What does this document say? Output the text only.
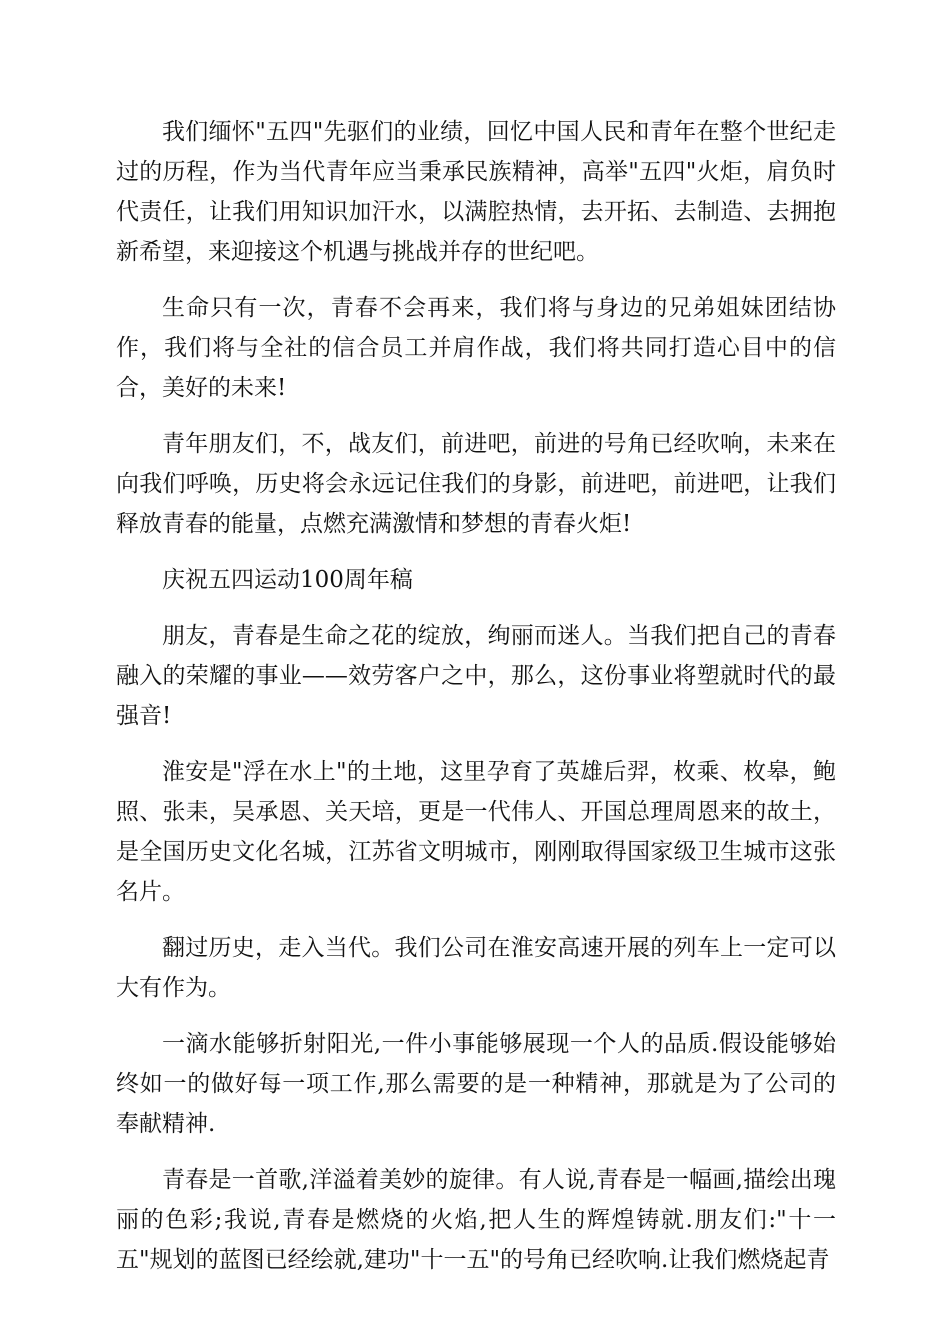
我们缅怀"五四"先驱们的业绩，回忆中国人民和青年在整个世纪走过的历程，作为当代青年应当秉承民族精神，高举"五四"火炬，肩负时代责任，让我们用知识加汗水，以满腔热情，去开拓、去制造、去拥抱新希望，来迎接这个机遇与挑战并存的世纪吧。

生命只有一次，青春不会再来，我们将与身边的兄弟姐妹团结协作，我们将与全社的信合员工并肩作战，我们将共同打造心目中的信合，美好的未来!

青年朋友们，不，战友们，前进吧，前进的号角已经吹响，未来在向我们呼唤，历史将会永远记住我们的身影，前进吧，前进吧，让我们释放青春的能量，点燃充满激情和梦想的青春火炬!

庆祝五四运动100周年稿

朋友，青春是生命之花的绽放，绚丽而迷人。当我们把自己的青春融入的荣耀的事业——效劳客户之中，那么，这份事业将塑就时代的最强音!

淮安是"浮在水上"的土地，这里孕育了英雄后羿，枚乘、枚皋，鲍照、张耒，吴承恩、关天培，更是一代伟人、开国总理周恩来的故土，是全国历史文化名城，江苏省文明城市，刚刚取得国家级卫生城市这张名片。

翻过历史，走入当代。我们公司在淮安高速开展的列车上一定可以大有作为。

一滴水能够折射阳光,一件小事能够展现一个人的品质.假设能够始终如一的做好每一项工作,那么需要的是一种精神，那就是为了公司的奉献精神.

青春是一首歌,洋溢着美妙的旋律。有人说,青春是一幅画,描绘出瑰丽的色彩;我说,青春是燃烧的火焰,把人生的辉煌铸就.朋友们:"十一五"规划的蓝图已经绘就,建功"十一五"的号角已经吹响.让我们燃烧起青
